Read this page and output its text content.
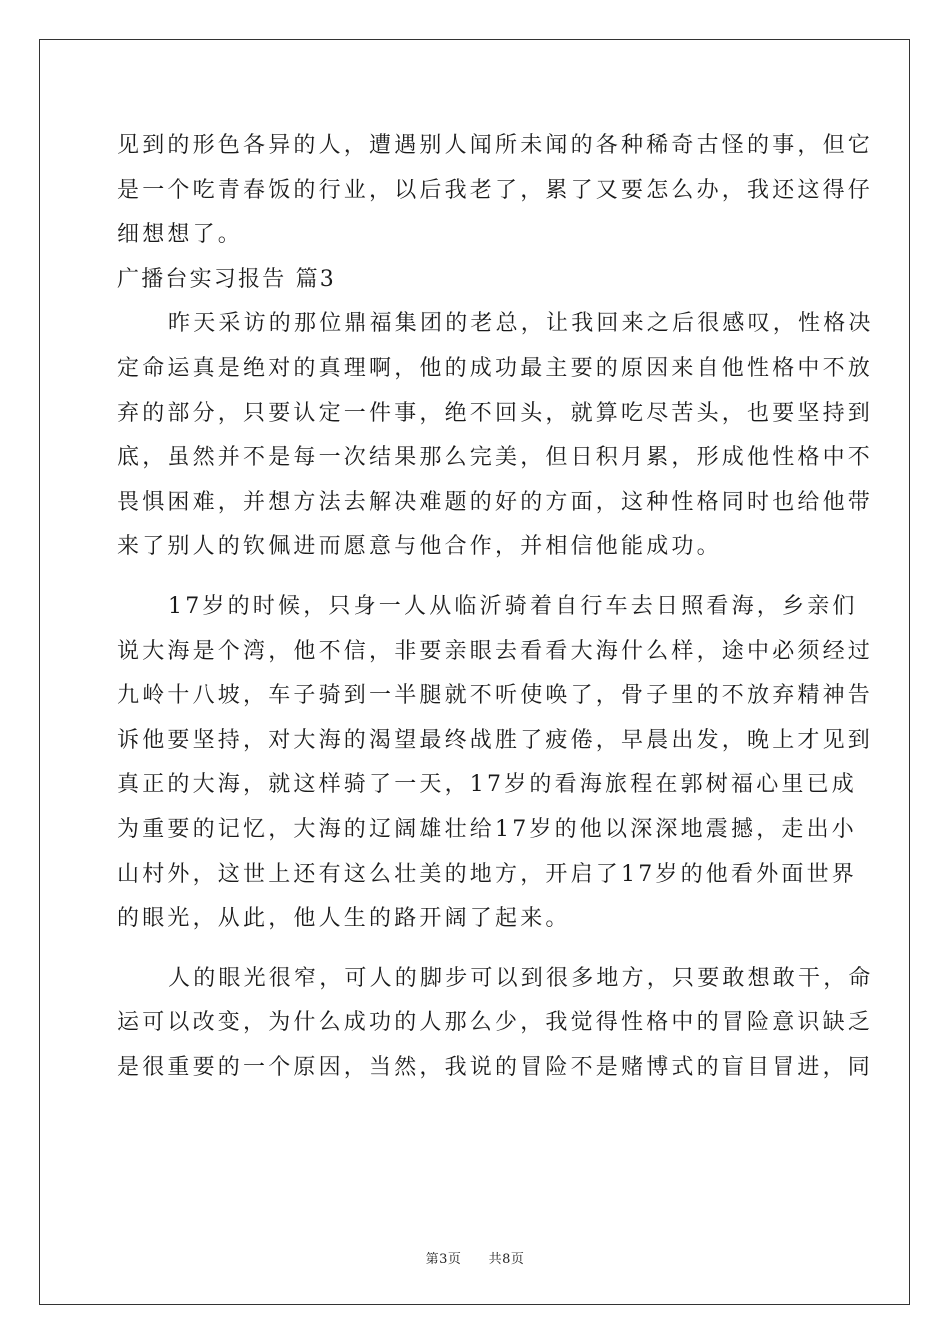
见到的形色各异的人，遭遇别人闻所未闻的各种稀奇古怪的事，但它
是一个吃青春饭的行业，以后我老了，累了又要怎么办，我还这得仔
细想想了。
广播台实习报告 篇3
昨天采访的那位鼎福集团的老总，让我回来之后很感叹，性格决
定命运真是绝对的真理啊，他的成功最主要的原因来自他性格中不放
弃的部分，只要认定一件事，绝不回头，就算吃尽苦头，也要坚持到
底，虽然并不是每一次结果那么完美，但日积月累，形成他性格中不
畏惧困难，并想方法去解决难题的好的方面，这种性格同时也给他带
来了别人的钦佩进而愿意与他合作，并相信他能成功。
17岁的时候，只身一人从临沂骑着自行车去日照看海，乡亲们
说大海是个湾，他不信，非要亲眼去看看大海什么样，途中必须经过
九岭十八坡，车子骑到一半腿就不听使唤了，骨子里的不放弃精神告
诉他要坚持，对大海的渴望最终战胜了疲倦，早晨出发，晚上才见到
真正的大海，就这样骑了一天，17岁的看海旅程在郭树福心里已成
为重要的记忆，大海的辽阔雄壮给17岁的他以深深地震撼，走出小
山村外，这世上还有这么壮美的地方，开启了17岁的他看外面世界
的眼光，从此，他人生的路开阔了起来。
人的眼光很窄，可人的脚步可以到很多地方，只要敢想敢干，命
运可以改变，为什么成功的人那么少，我觉得性格中的冒险意识缺乏
是很重要的一个原因，当然，我说的冒险不是赌博式的盲目冒进，同
第3页 共8页
